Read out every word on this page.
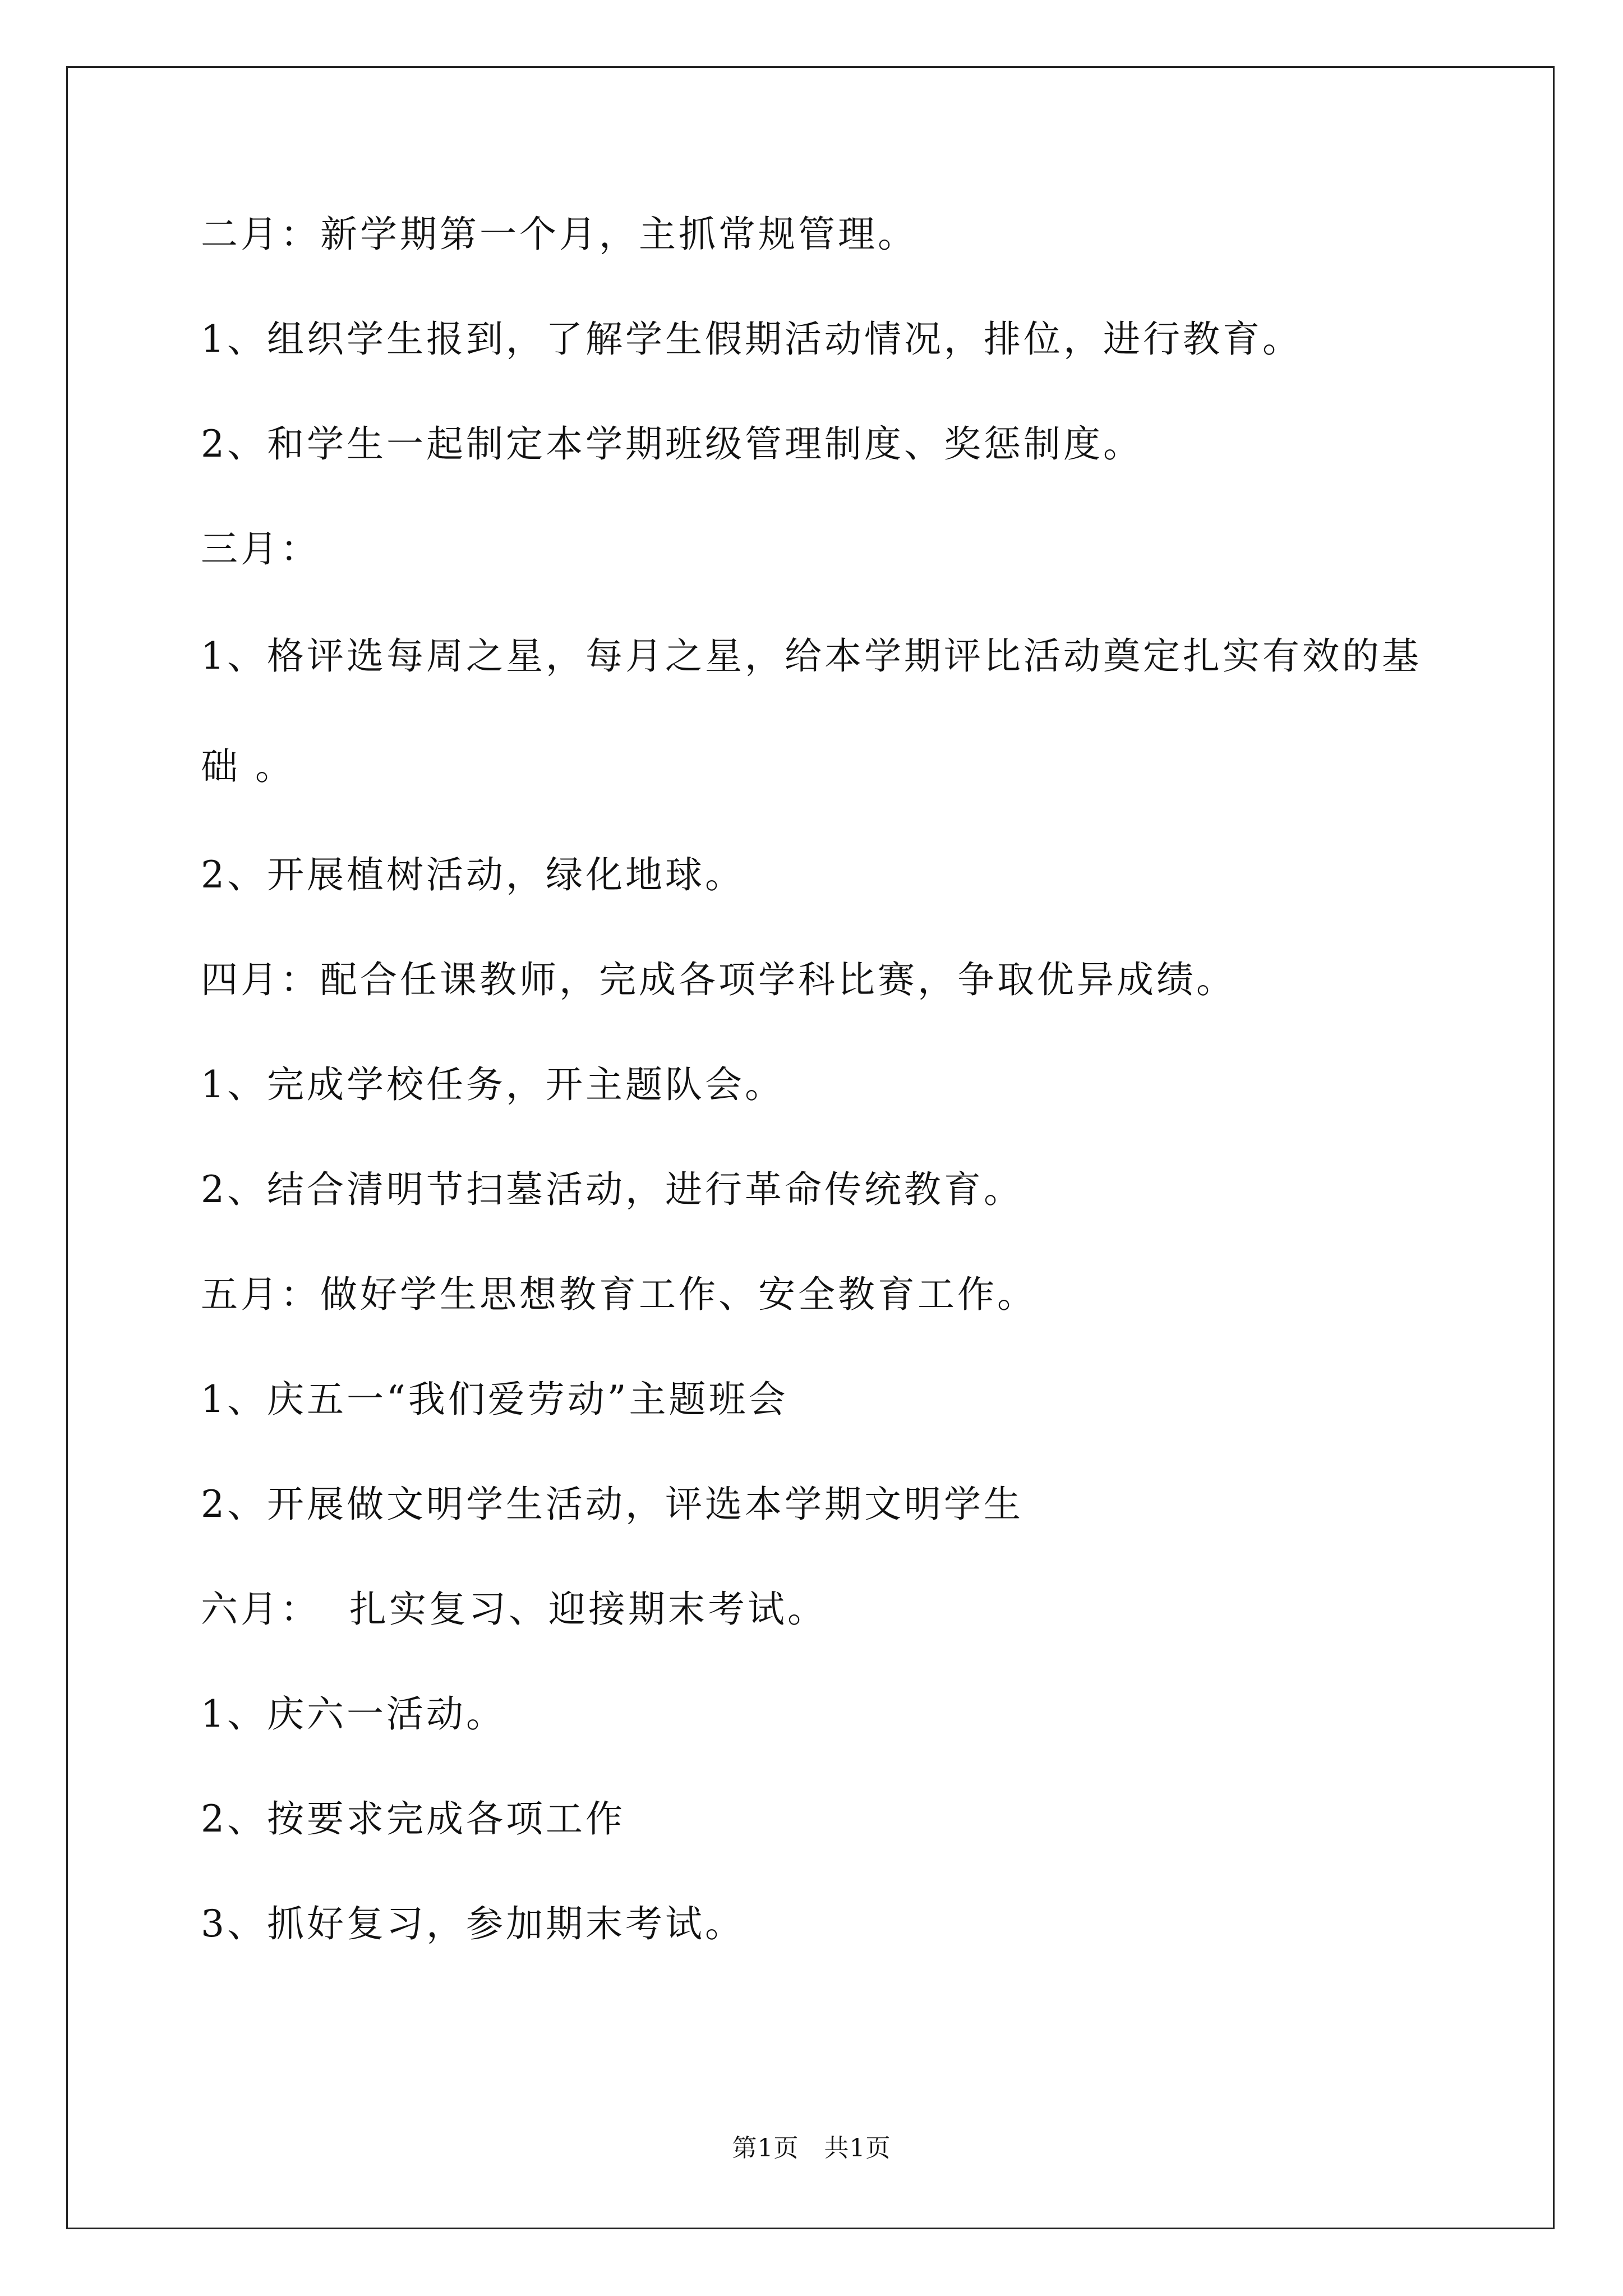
二月：新学期第一个月，主抓常规管理。

1、组织学生报到，了解学生假期活动情况，排位，进行教育。

2、和学生一起制定本学期班级管理制度、奖惩制度。

三月：

1、格评选每周之星，每月之星，给本学期评比活动奠定扎实有效的基础 。

2、开展植树活动，绿化地球。

四月：配合任课教师，完成各项学科比赛，争取优异成绩。

1、完成学校任务，开主题队会。

2、结合清明节扫墓活动，进行革命传统教育。

五月：做好学生思想教育工作、安全教育工作。

1、庆五一“我们爱劳动”主题班会

2、开展做文明学生活动，评选本学期文明学生

六月：  扎实复习、迎接期末考试。

1、庆六一活动。

2、按要求完成各项工作

3、抓好复习，参加期末考试。

第1页   共1页
